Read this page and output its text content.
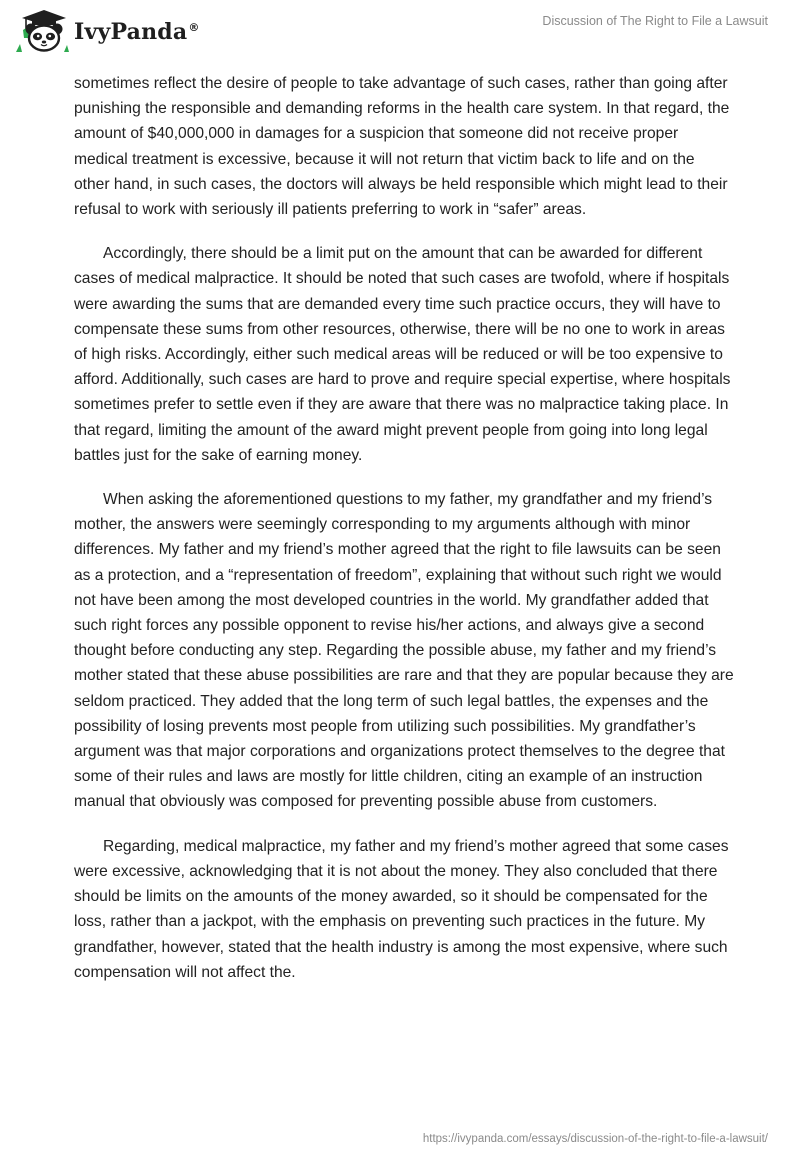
IvyPanda®	Discussion of The Right to File a Lawsuit

sometimes reflect the desire of people to take advantage of such cases, rather than going after punishing the responsible and demanding reforms in the health care system. In that regard, the amount of $40,000,000 in damages for a suspicion that someone did not receive proper medical treatment is excessive, because it will not return that victim back to life and on the other hand, in such cases, the doctors will always be held responsible which might lead to their refusal to work with seriously ill patients preferring to work in “safer” areas.

Accordingly, there should be a limit put on the amount that can be awarded for different cases of medical malpractice. It should be noted that such cases are twofold, where if hospitals were awarding the sums that are demanded every time such practice occurs, they will have to compensate these sums from other resources, otherwise, there will be no one to work in areas of high risks. Accordingly, either such medical areas will be reduced or will be too expensive to afford. Additionally, such cases are hard to prove and require special expertise, where hospitals sometimes prefer to settle even if they are aware that there was no malpractice taking place. In that regard, limiting the amount of the award might prevent people from going into long legal battles just for the sake of earning money.

When asking the aforementioned questions to my father, my grandfather and my friend’s mother, the answers were seemingly corresponding to my arguments although with minor differences. My father and my friend’s mother agreed that the right to file lawsuits can be seen as a protection, and a “representation of freedom”, explaining that without such right we would not have been among the most developed countries in the world. My grandfather added that such right forces any possible opponent to revise his/her actions, and always give a second thought before conducting any step. Regarding the possible abuse, my father and my friend’s mother stated that these abuse possibilities are rare and that they are popular because they are seldom practiced. They added that the long term of such legal battles, the expenses and the possibility of losing prevents most people from utilizing such possibilities. My grandfather’s argument was that major corporations and organizations protect themselves to the degree that some of their rules and laws are mostly for little children, citing an example of an instruction manual that obviously was composed for preventing possible abuse from customers.

Regarding, medical malpractice, my father and my friend’s mother agreed that some cases were excessive, acknowledging that it is not about the money. They also concluded that there should be limits on the amounts of the money awarded, so it should be compensated for the loss, rather than a jackpot, with the emphasis on preventing such practices in the future. My grandfather, however, stated that the health industry is among the most expensive, where such compensation will not affect the.

https://ivypanda.com/essays/discussion-of-the-right-to-file-a-lawsuit/
